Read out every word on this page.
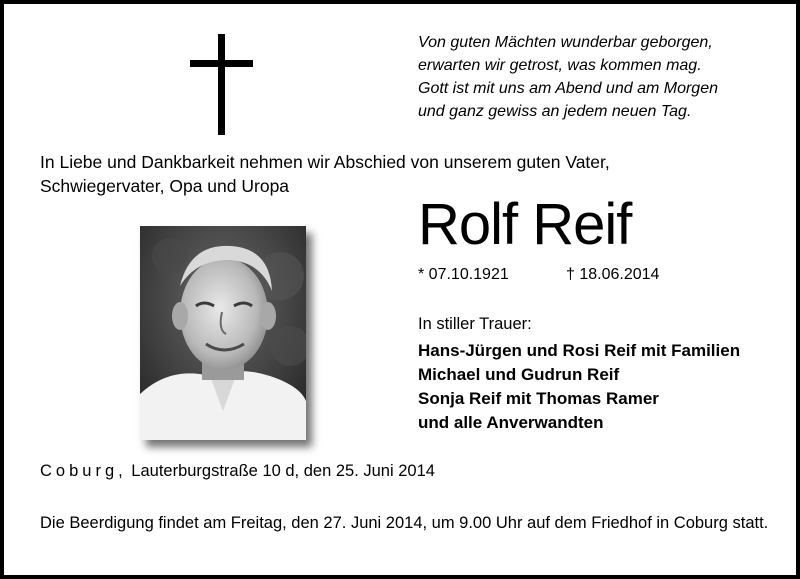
Von guten Mächten wunderbar geborgen,
erwarten wir getrost, was kommen mag.
Gott ist mit uns am Abend und am Morgen
und ganz gewiss an jedem neuen Tag.
In Liebe und Dankbarkeit nehmen wir Abschied von unserem guten Vater,
Schwiegervater, Opa und Uropa
Rolf Reif
* 07.10.1921	† 18.06.2014
In stiller Trauer:
Hans-Jürgen und Rosi Reif mit Familien
Michael und Gudrun Reif
Sonja Reif mit Thomas Ramer
und alle Anverwandten
Coburg, Lauterburgstraße 10 d, den 25. Juni 2014
Die Beerdigung findet am Freitag, den 27. Juni 2014, um 9.00 Uhr auf dem Friedhof in Coburg statt.
